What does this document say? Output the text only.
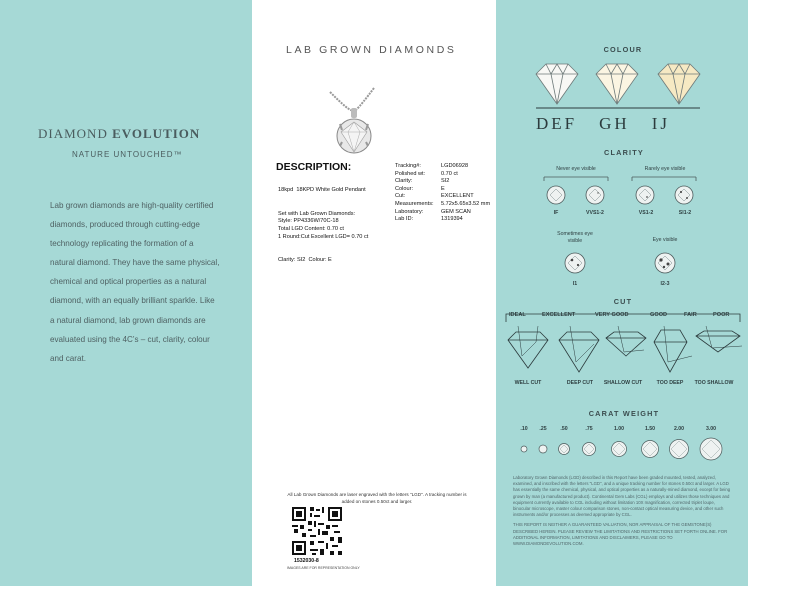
DIAMOND EVOLUTION
NATURE UNTOUCHED™
Lab grown diamonds are high-quality certified diamonds, produced through cutting-edge technology replicating the formation of a natural diamond. They have the same physical, chemical and optical properties as a natural diamond, with an equally brilliant sparkle. Like a natural diamond, lab grown diamonds are evaluated using the 4C’s – cut, clarity, colour and carat.
LAB GROWN DIAMONDS
DESCRIPTION:

18kpd  18KPD White Gold Pendant

Set with Lab Grown Diamonds:

1 Round:Cut Excellent LGD= 0.70 ct

Clarity: SI2  Colour: E

Style: PP4336W/70C-18
Total LGD Content: 0.70 ct
Tracking#:	LGD06928
Polished wt:	0.70 ct
Clarity:	SI2
Colour:	E
Cut:	EXCELLENT
Measurements:	5.72x5.65x3.52 mm
Laboratory:	GEM SCAN
Lab ID:	1319394
All Lab Grown Diamonds are laser engraved with the letters "LGD". A tracking number is added on stones 0.50ct and larger.
1532030-8
IMAGES ARE FOR REPRESENTATION ONLY
COLOUR
DEF GH IJ
CLARITY
Never eye visible	Rarely eye visible
IF	VVS1-2	VS1-2	SI1-2
Sometimes eye visible	Eye visible
I1	I2-3
CUT
IDEAL	EXCELLENT	VERY GOOD	GOOD	FAIR	POOR
WELL CUT	DEEP CUT	SHALLOW CUT	TOO DEEP	TOO SHALLOW
CARAT WEIGHT
.10	.25	.50	.75	1.00	1.50	2.00	3.00
Laboratory Grown Diamonds (LGD) described in this Report have been graded mounted, tested, analyzed, examined, and inscribed with the letters "LGD", and a unique tracking number for stones 0.50ct and larger. A LGD has essentially the same chemical, physical, and optical properties as a naturally-mined diamond, except for being grown by man (a manufactured product). Continental Gem Labs (CGL) employs and utilizes those techniques and equipment currently available to CGL including without limitation 10X magnification, corrected triplet loupe, binocular microscope, master colour comparison stones, non-contact optical measuring device, and other such instruments and/or processes as deemed appropriate by CGL.
THIS REPORT IS NEITHER A GUARANTEED VALUATION, NOR APPRAISAL OF THE GEMSTONE(S) DESCRIBED HEREIN. PLEASE REVIEW THE LIMITATIONS AND RESTRICTIONS SET FORTH ONLINE. FOR ADDITIONAL INFORMATION, LIMITATIONS AND DISCLAIMERS, PLEASE GO TO WWW.DIAMONDEVOLUTION.COM.
